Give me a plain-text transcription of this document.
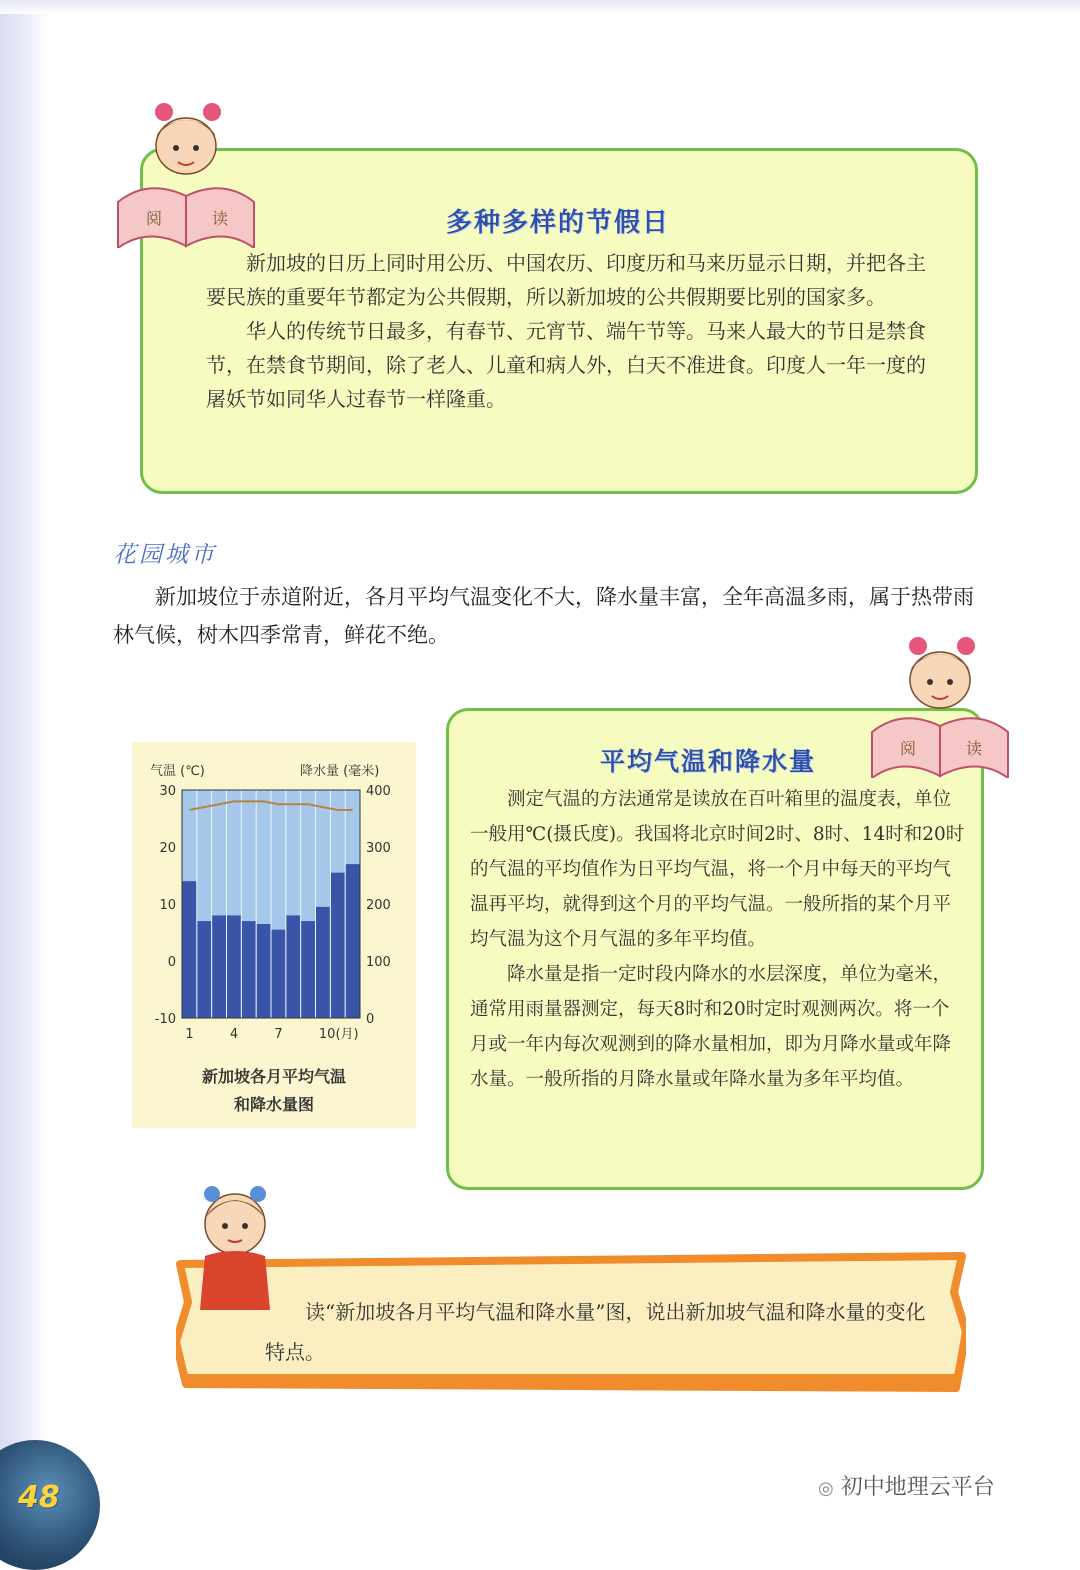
多种多样的节假日

新加坡的日历上同时用公历、中国农历、印度历和马来历显示日期，并把各主要民族的重要年节都定为公共假期，所以新加坡的公共假期要比别的国家多。

华人的传统节日最多，有春节、元宵节、端午节等。马来人最大的节日是禁食节，在禁食节期间，除了老人、儿童和病人外，白天不准进食。印度人一年一度的屠妖节如同华人过春节一样隆重。

阅	读
花园城市

新加坡位于赤道附近，各月平均气温变化不大，降水量丰富，全年高温多雨，属于热带雨林气候，树木四季常青，鲜花不绝。

气温 (℃)	降水量 (毫米)
30
20
10
0
-10
400
300
200
100
0
1	4	7	10(月)
新加坡各月平均气温
和降水量图
平均气温和降水量

测定气温的方法通常是读放在百叶箱里的温度表，单位一般用℃(摄氏度)。我国将北京时间2时、8时、14时和20时的气温的平均值作为日平均气温，将一个月中每天的平均气温再平均，就得到这个月的平均气温。一般所指的某个月平均气温为这个月气温的多年平均值。

降水量是指一定时段内降水的水层深度，单位为毫米，通常用雨量器测定，每天8时和20时定时观测两次。将一个月或一年内每次观测到的降水量相加，即为月降水量或年降水量。一般所指的月降水量或年降水量为多年平均值。

阅	读

读“新加坡各月平均气温和降水量”图，说出新加坡气温和降水量的变化特点。

48	◎ 初中地理云平台
